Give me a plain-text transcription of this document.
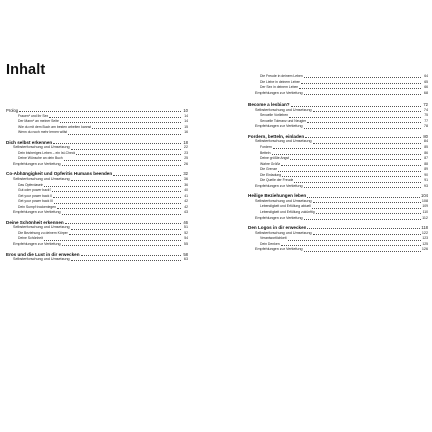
Inhalt
Prolog	10
Frauen* und ihr Sex	14
Der Mann* an meiner Seite	14
Wie du mit dem Buch am besten arbeiten kannst	15
Wenn du noch mehr lernen willst	16
Dich selbst erkennen	18
Selbsterforschung und Umsetzung	22
Dein bisheriges Leben – ein Ist-Check	23
Deine Wünsche an dein Buch	25
Empfehlungen zur Vertiefung	26
Co-Abhängigkeit und Opferitis Humans beenden	32
Selbsterforschung und Umsetzung	36
Das Opferdasein	36
Gut oder power back?	40
Get your power back II	41
Get your power back III	42
Dein Sumpf trockenlegen	42
Empfehlungen zur Vertiefung	43
Deine Schönheit erkennen	46
Selbsterforschung und Umsetzung	51
Die Beziehung zu deinem Körper	52
Deine Schönheit	54
Empfehlungen zur Vertiefung	55
Eros und die Lust in dir erwecken	58
Selbsterforschung und Umsetzung	63
Die Freude in deinem Leben	64
Die Liebe in deinem Leben	65
Der Sex in deinem Leben	66
Empfehlungen zur Vertiefung	68
Become a lesbian?	72
Selbsterforschung und Umsetzung	74
Sexuelle Vorlieben	75
Sexuelle Toleranz und Neugier	77
Empfehlungen zur Vertiefung	78
Fordern, betteln, einladen	80
Selbsterforschung und Umsetzung	84
Fordern	85
Betteln	86
Deine größte Angst	87
Wahre Größe	88
Die Grenze	89
Die Einladung	90
Die Quelle der Freude	91
Empfehlungen zur Vertiefung	93
Heilige Beziehungen leben	104
Selbsterforschung und Umsetzung	108
Lebendigkeit und Erfüllung aktuell	109
Lebendigkeit und Erfüllung zukünftig	110
Empfehlungen zur Vertiefung	112
Den Logos in dir erwecken	118
Selbsterforschung und Umsetzung	122
Verantwortlichkeit	123
Dein Denken	125
Empfehlungen zur Vertiefung	126
